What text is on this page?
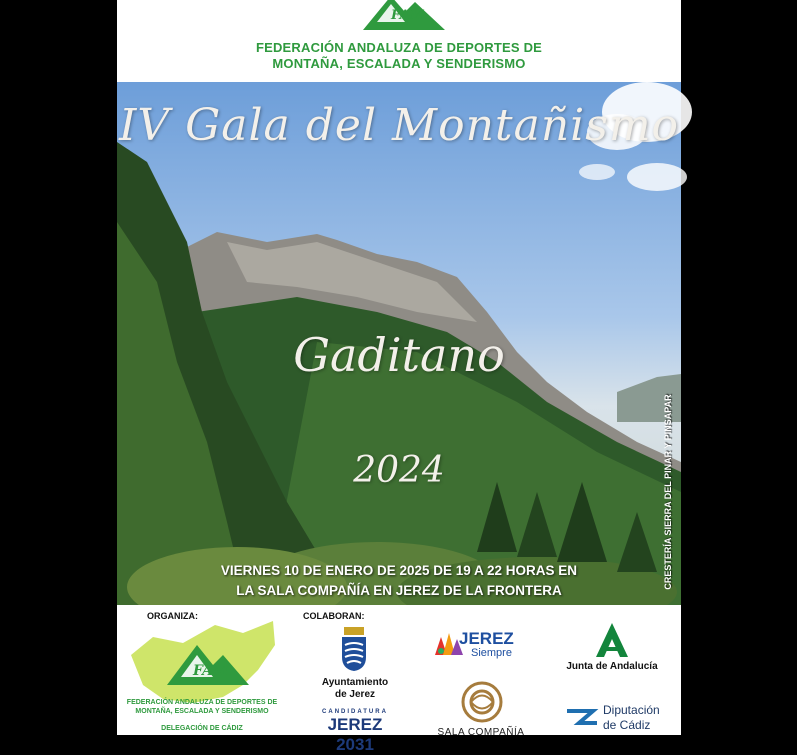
FAM
FEDERACIÓN ANDALUZA DE DEPORTES DE
MONTAÑA, ESCALADA Y SENDERISMO
IV Gala del Montañismo
Gaditano
2024
VIERNES 10 DE ENERO DE 2025 DE 19 A 22 HORAS EN
LA SALA COMPAÑÍA EN JEREZ DE LA FRONTERA
CRESTERÍA SIERRA DEL PINAR Y PINSAPAR
ORGANIZA:	COLABORAN:
FAM
FEDERACIÓN ANDALUZA DE DEPORTES DE
MONTAÑA, ESCALADA Y SENDERISMO
DELEGACIÓN DE CÁDIZ
Ayuntamiento
de Jerez
CANDIDATURA
JEREZ 2031
JEREZ
Siempre
Junta de Andalucía
SALA COMPAÑÍA
Diputación
de Cádiz
